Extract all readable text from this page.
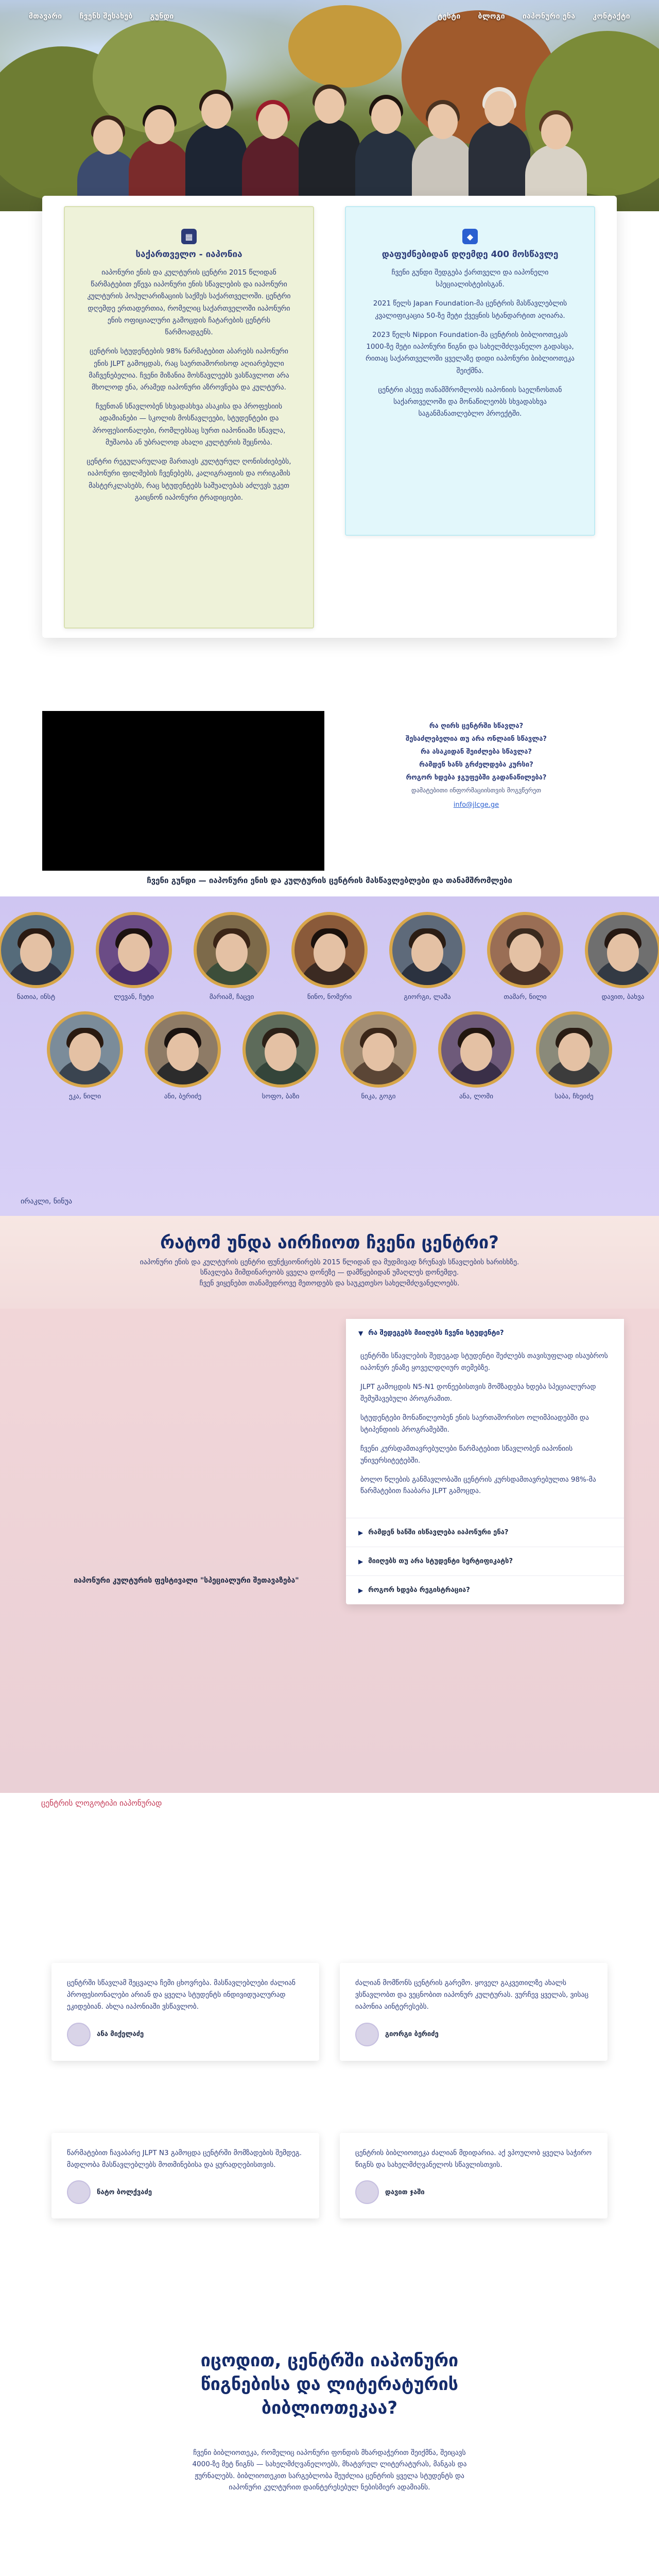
მთავარი ჩვენს შესახებ გუნდი	ტესტი ბლოგი იაპონური ენა კონტაქტი
▦
საქართველო - იაპონია

იაპონური ენის და კულტურის ცენტრი 2015 წლიდან წარმატებით ეწევა იაპონური ენის სწავლების და იაპონური კულტურის პოპულარიზაციის საქმეს საქართველოში. ცენტრი დღემდე ერთადერთია, რომელიც საქართველოში იაპონური ენის ოფიციალური გამოცდის ჩატარების ცენტრს წარმოადგენს.

ცენტრის სტუდენტების 98% წარმატებით აბარებს იაპონური ენის JLPT გამოცდას, რაც საერთაშორისოდ აღიარებული მაჩვენებელია. ჩვენი მიზანია მოსწავლეებს ვასწავლოთ არა მხოლოდ ენა, არამედ იაპონური აზროვნება და კულტურა.

ჩვენთან სწავლობენ სხვადასხვა ასაკისა და პროფესიის ადამიანები — სკოლის მოსწავლეები, სტუდენტები და პროფესიონალები, რომლებსაც სურთ იაპონიაში სწავლა, მუშაობა ან უბრალოდ ახალი კულტურის შეცნობა.

ცენტრი რეგულარულად მართავს კულტურულ ღონისძიებებს, იაპონური ფილმების ჩვენებებს, კალიგრაფიის და ორიგამის მასტერკლასებს, რაც სტუდენტებს საშუალებას აძლევს უკეთ გაიცნონ იაპონური ტრადიციები.

◆
დაფუძნებიდან დღემდე 400 მოსწავლე

ჩვენი გუნდი შედგება ქართველი და იაპონელი სპეციალისტებისგან.

2021 წელს Japan Foundation-მა ცენტრის მასწავლებლის კვალიფიკაცია 50-ზე მეტი ქვეყნის სტანდარტით აღიარა.

2023 წელს Nippon Foundation-მა ცენტრის ბიბლიოთეკას 1000-ზე მეტი იაპონური წიგნი და სახელმძღვანელო გადასცა, რითაც საქართველოში ყველაზე დიდი იაპონური ბიბლიოთეკა შეიქმნა.

ცენტრი ასევე თანამშრომლობს იაპონიის საელჩოსთან საქართველოში და მონაწილეობს სხვადასხვა საგანმანათლებლო პროექტში.

რა ღირს ცენტრში სწავლა?
შესაძლებელია თუ არა ონლაინ სწავლა?
რა ასაკიდან შეიძლება სწავლა?
რამდენ ხანს გრძელდება კურსი?
როგორ ხდება ჯგუფებში გადანაწილება?
დამატებითი ინფორმაციისთვის მოგვწერეთ
info@jlcge.ge
ჩვენი გუნდი — იაპონური ენის და კულტურის ცენტრის მასწავლებლები და თანამშრომლები
ნათია, ინსტ	ლევან, ჩუტი	მარიამ, ჩაცვი	ნინო, ნომერი	გიორგი, ლაშა	თამარ, ნილი	დავით, ბახვა
ეკა, ნილი	ანი, ბერიძე	სოფო, ბაზი	ნიკა, გოგი	ანა, ლომი	საბა, ჩხეიძე
ირაკლი, ნინუა
რატომ უნდა აირჩიოთ ჩვენი ცენტრი?

იაპონური ენის და კულტურის ცენტრი ფუნქციონირებს 2015 წლიდან და მუდმივად ზრუნავს სწავლების ხარისხზე.

სწავლება მიმდინარეობს ყველა დონეზე — დამწყებიდან უმაღლეს დონემდე.

ჩვენ ვიყენებთ თანამედროვე მეთოდებს და საუკეთესო სახელმძღვანელოებს.

▼ რა შედეგებს მიიღებს ჩვენი სტუდენტი?

ცენტრში სწავლების შედეგად სტუდენტი შეძლებს თავისუფლად ისაუბროს იაპონურ ენაზე ყოველდღიურ თემებზე.

JLPT გამოცდის N5-N1 დონეებისთვის მომზადება ხდება სპეციალურად შემუშავებული პროგრამით.

სტუდენტები მონაწილეობენ ენის საერთაშორისო ოლიმპიადებში და სტიპენდიის პროგრამებში.

ჩვენი კურსდამთავრებულები წარმატებით სწავლობენ იაპონიის უნივერსიტეტებში.

ბოლო წლების განმავლობაში ცენტრის კურსდამთავრებულთა 98%-მა წარმატებით ჩააბარა JLPT გამოცდა.

▶ რამდენ ხანში ისწავლება იაპონური ენა?
▶ მიიღებს თუ არა სტუდენტი სერტიფიკატს?
▶ როგორ ხდება რეგისტრაცია?
იაპონური კულტურის ფესტივალი "სპეციალური შეთავაზება"
ცენტრის ლოგოტიპი იაპონურად

ცენტრში სწავლამ შეცვალა ჩემი ცხოვრება. მასწავლებლები ძალიან პროფესიონალები არიან და ყველა სტუდენტს ინდივიდუალურად ეკიდებიან. ახლა იაპონიაში ვსწავლობ.

ანა მიქელაძე

ძალიან მომწონს ცენტრის გარემო. ყოველ გაკვეთილზე ახალს ვსწავლობთ და ვეცნობით იაპონურ კულტურას. ვურჩევ ყველას, ვისაც იაპონია აინტერესებს.

გიორგი ბერიძე

წარმატებით ჩავაბარე JLPT N3 გამოცდა ცენტრში მომზადების შემდეგ. მადლობა მასწავლებლებს მოთმინებისა და ყურადღებისთვის.

ნატო ბოლქვაძე

ცენტრის ბიბლიოთეკა ძალიან მდიდარია. აქ ვპოულობ ყველა საჭირო წიგნს და სახელმძღვანელოს სწავლისთვის.

დავით ჯაში
იცოდით, ცენტრში იაპონური წიგნებისა და ლიტერატურის ბიბლიოთეკაა?
ჩვენი ბიბლიოთეკა, რომელიც იაპონური ფონდის მხარდაჭერით შეიქმნა, შეიცავს 4000-ზე მეტ წიგნს — სახელმძღვანელოებს, მხატვრულ ლიტერატურას, მანგას და ჟურნალებს. ბიბლიოთეკით სარგებლობა შეუძლია ცენტრის ყველა სტუდენტს და იაპონური კულტურით დაინტერესებულ ნებისმიერ ადამიანს.
